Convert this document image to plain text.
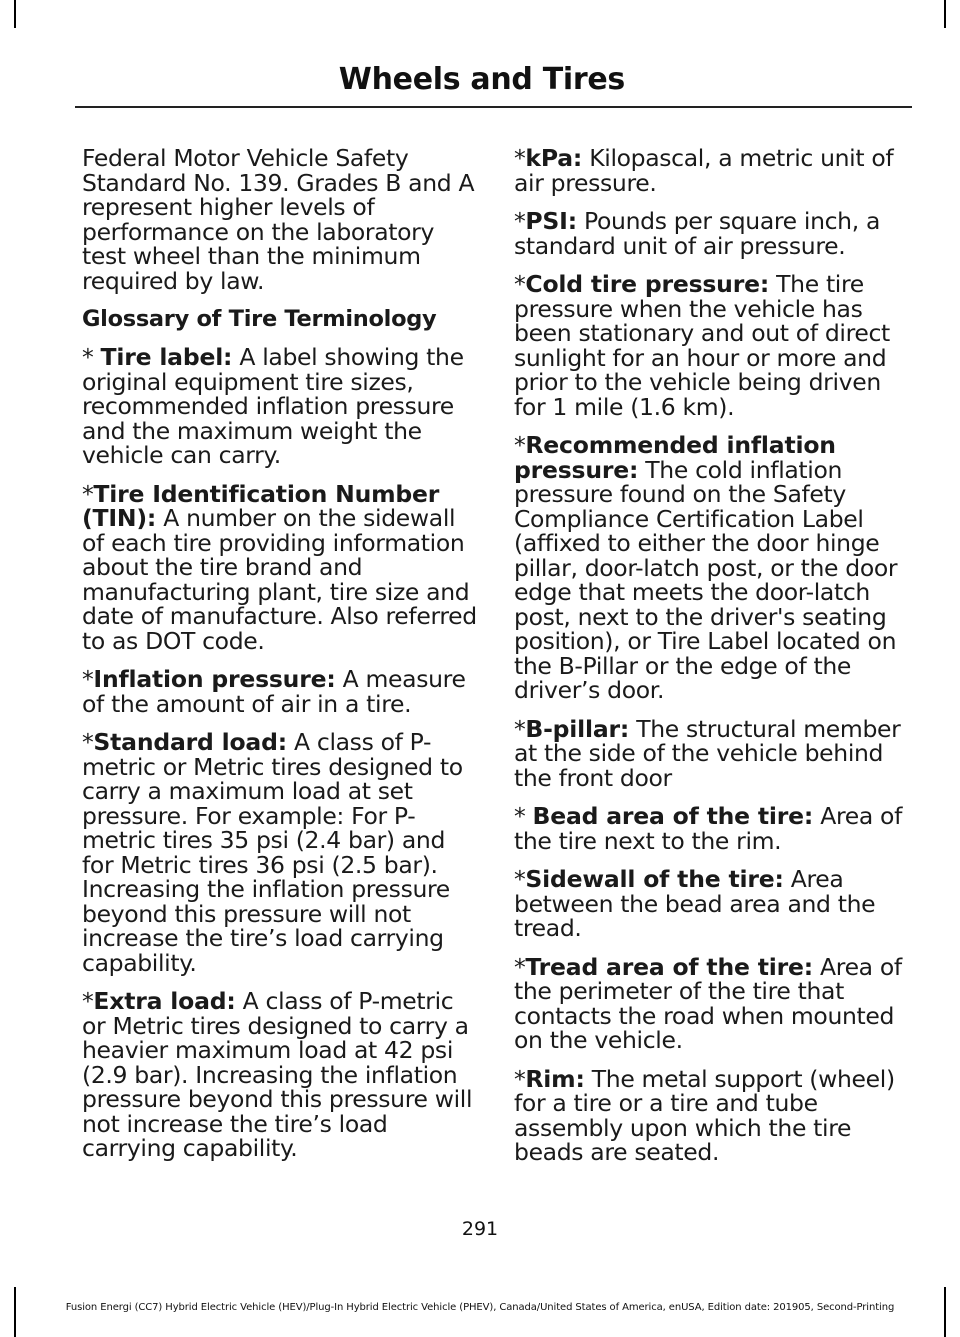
Wheels and Tires

Federal Motor Vehicle Safety Standard No. 139. Grades B and A represent higher levels of performance on the laboratory test wheel than the minimum required by law.

Glossary of Tire Terminology

* Tire label: A label showing the original equipment tire sizes, recommended inflation pressure and the maximum weight the vehicle can carry.

*Tire Identification Number (TIN): A number on the sidewall of each tire providing information about the tire brand and manufacturing plant, tire size and date of manufacture. Also referred to as DOT code.

*Inflation pressure: A measure of the amount of air in a tire.

*Standard load: A class of P-metric or Metric tires designed to carry a maximum load at set pressure. For example: For P-metric tires 35 psi (2.4 bar) and for Metric tires 36 psi (2.5 bar). Increasing the inflation pressure beyond this pressure will not increase the tire’s load carrying capability.

*Extra load: A class of P-metric or Metric tires designed to carry a heavier maximum load at 42 psi (2.9 bar). Increasing the inflation pressure beyond this pressure will not increase the tire’s load carrying capability.

*kPa: Kilopascal, a metric unit of air pressure.

*PSI: Pounds per square inch, a standard unit of air pressure.

*Cold tire pressure: The tire pressure when the vehicle has been stationary and out of direct sunlight for an hour or more and prior to the vehicle being driven for 1 mile (1.6 km).

*Recommended inflation pressure: The cold inflation pressure found on the Safety Compliance Certification Label (affixed to either the door hinge pillar, door-latch post, or the door edge that meets the door-latch post, next to the driver's seating position), or Tire Label located on the B-Pillar or the edge of the driver’s door.

*B-pillar: The structural member at the side of the vehicle behind the front door

* Bead area of the tire: Area of the tire next to the rim.

*Sidewall of the tire: Area between the bead area and the tread.

*Tread area of the tire: Area of the perimeter of the tire that contacts the road when mounted on the vehicle.

*Rim: The metal support (wheel) for a tire or a tire and tube assembly upon which the tire beads are seated.

291
Fusion Energi (CC7) Hybrid Electric Vehicle (HEV)/Plug-In Hybrid Electric Vehicle (PHEV), Canada/United States of America, enUSA, Edition date: 201905, Second-Printing
